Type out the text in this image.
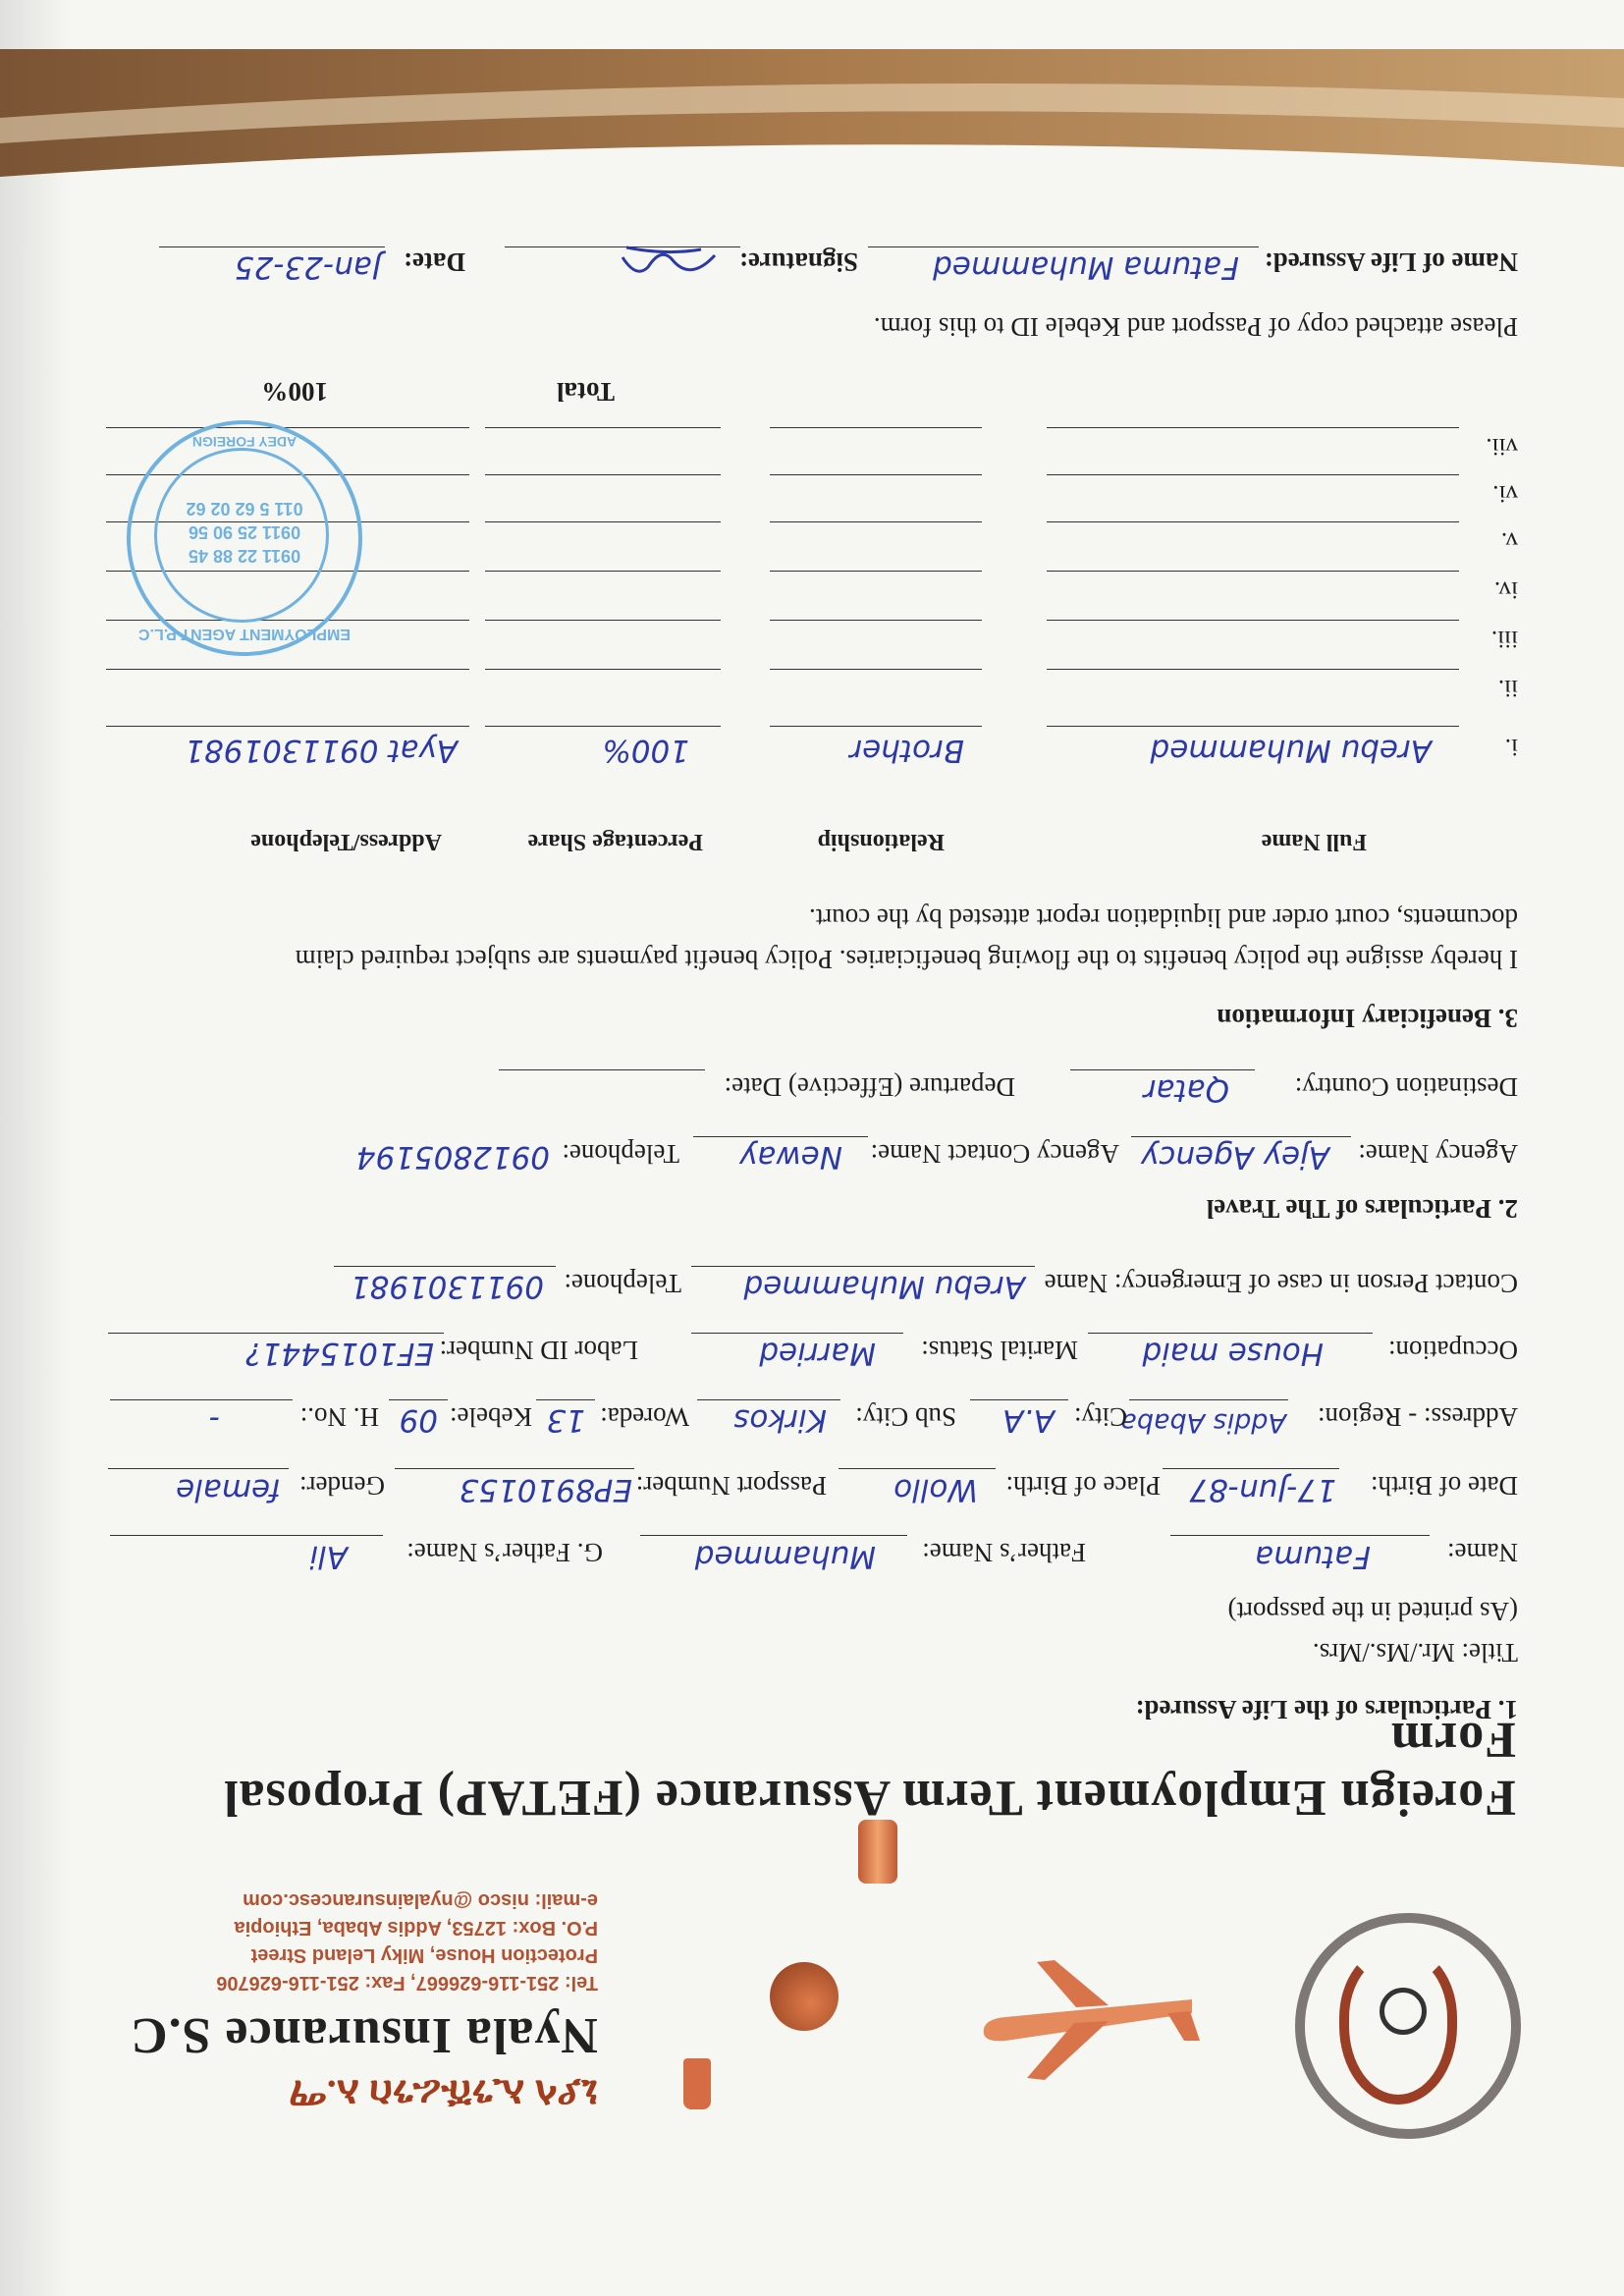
ኒያላ ኢንሹራንስ አ.ማ
Nyala Insurance S.C
Tel: 251-116-626667, Fax: 251-116-626706
Protection House, Miky Leland Street
P.O. Box: 12753, Addis Ababa, Ethiopia
e-mail: nisco @nyalainsurancesc.com
Foreign Employment Term Assurance (FETAP) Proposal Form
1. Particulars of the Life Assured:
Title: Mr./Ms./Mrs.
(As printed in the passport)
Name:
Fatuma
Father’s Name:
Muhammed
G. Father’s Name:
Ali
Date of Birth:
17-Jun-87
Place of Birth:
Wollo
Passport Number:
EP8910153
Gender:
female
Address: - Region:
Addis Ababa
City:
A.A
Sub City:
Kirkos
Woreda:
13
Kebele:
09
H. No.:
-
Occupation:
House maid
Marital Status:
Married
Labor ID Number:
EF1015441?
Contact Person in case of Emergency: Name
Arebu Muhammed
Telephone:
0911301981
2. Particulars of The Travel
Agency Name:
Ajey Agency
Agency Contact Name:
Neway
Telephone:
0912805194
Destination Country:
Qatar
Departure (Effective) Date:
3. Beneficiary Information
I hereby assigne the policy benefits to the flowing beneficiaries. Policy benefit payments are subject required claim
documents, court order and liquidation report attested by the court.
Full Name
Relationship
Percentage Share
Address/Telephone
i.
Arebu Muhammed
Brother
100%
Ayat 0911301981
ii.
iii.
iv.
v.
vi.
vii.
Total
100%
EMPLOYMENT AGENT P.L.C
0911 22 88 45
0911 25 90 56
011 5 62 02 62
ADEY FOREIGN
Please attached copy of Passport and Kebele ID to this form.
Name of Life Assured:
Fatuma Muhammed
Signature:
Date:
Jan-23-25
